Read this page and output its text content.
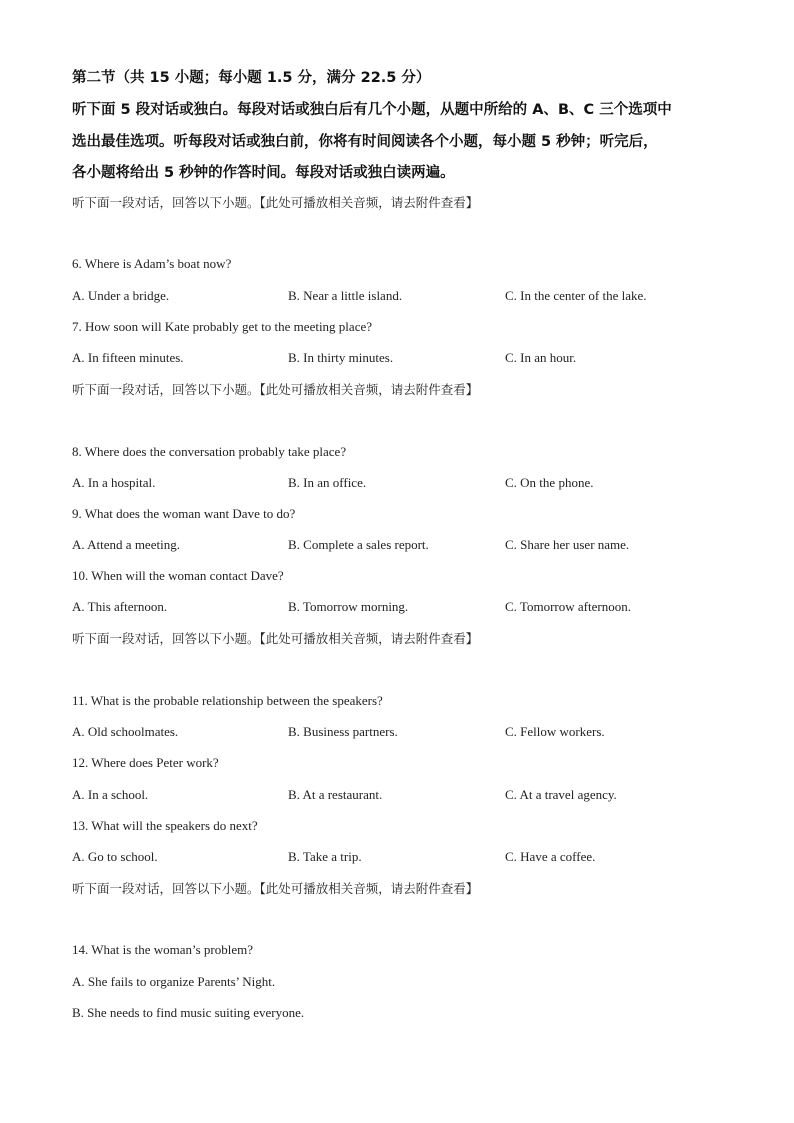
第二节（共 15 小题；每小题 1.5 分，满分 22.5 分）
听下面 5 段对话或独白。每段对话或独白后有几个小题，从题中所给的 A、B、C 三个选项中
选出最佳选项。听每段对话或独白前，你将有时间阅读各个小题，每小题 5 秒钟；听完后，
各小题将给出 5 秒钟的作答时间。每段对话或独白读两遍。
听下面一段对话，回答以下小题。【此处可播放相关音频，请去附件查看】
6. Where is Adam’s boat now?
A. Under a bridge.	B. Near a little island.	C. In the center of the lake.
7. How soon will Kate probably get to the meeting place?
A. In fifteen minutes.	B. In thirty minutes.	C. In an hour.
听下面一段对话，回答以下小题。【此处可播放相关音频，请去附件查看】
8. Where does the conversation probably take place?
A. In a hospital.	B. In an office.	C. On the phone.
9. What does the woman want Dave to do?
A. Attend a meeting.	B. Complete a sales report.	C. Share her user name.
10. When will the woman contact Dave?
A. This afternoon.	B. Tomorrow morning.	C. Tomorrow afternoon.
听下面一段对话，回答以下小题。【此处可播放相关音频，请去附件查看】
11. What is the probable relationship between the speakers?
A. Old schoolmates.	B. Business partners.	C. Fellow workers.
12. Where does Peter work?
A. In a school.	B. At a restaurant.	C. At a travel agency.
13. What will the speakers do next?
A. Go to school.	B. Take a trip.	C. Have a coffee.
听下面一段对话，回答以下小题。【此处可播放相关音频，请去附件查看】
14. What is the woman’s problem?
A. She fails to organize Parents’ Night.
B. She needs to find music suiting everyone.
